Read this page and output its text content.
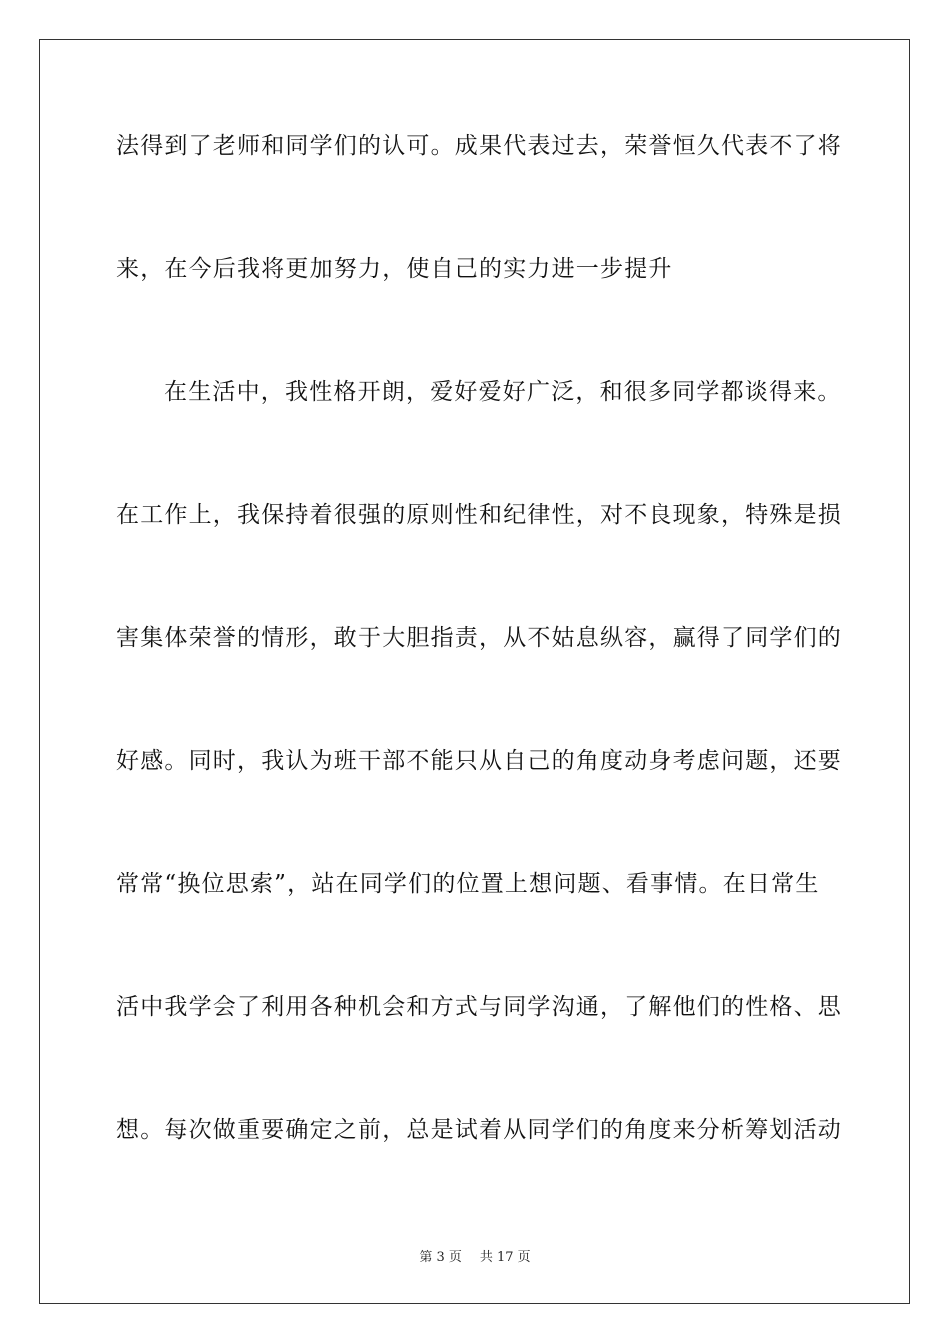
法得到了老师和同学们的认可。成果代表过去，荣誉恒久代表不了将
来，在今后我将更加努力，使自己的实力进一步提升
在生活中，我性格开朗，爱好爱好广泛，和很多同学都谈得来。
在工作上，我保持着很强的原则性和纪律性，对不良现象，特殊是损
害集体荣誉的情形，敢于大胆指责，从不姑息纵容，赢得了同学们的
好感。同时，我认为班干部不能只从自己的角度动身考虑问题，还要
常常“换位思索”，站在同学们的位置上想问题、看事情。在日常生
活中我学会了利用各种机会和方式与同学沟通，了解他们的性格、思
想。每次做重要确定之前，总是试着从同学们的角度来分析筹划活动
第 3 页 共 17 页
